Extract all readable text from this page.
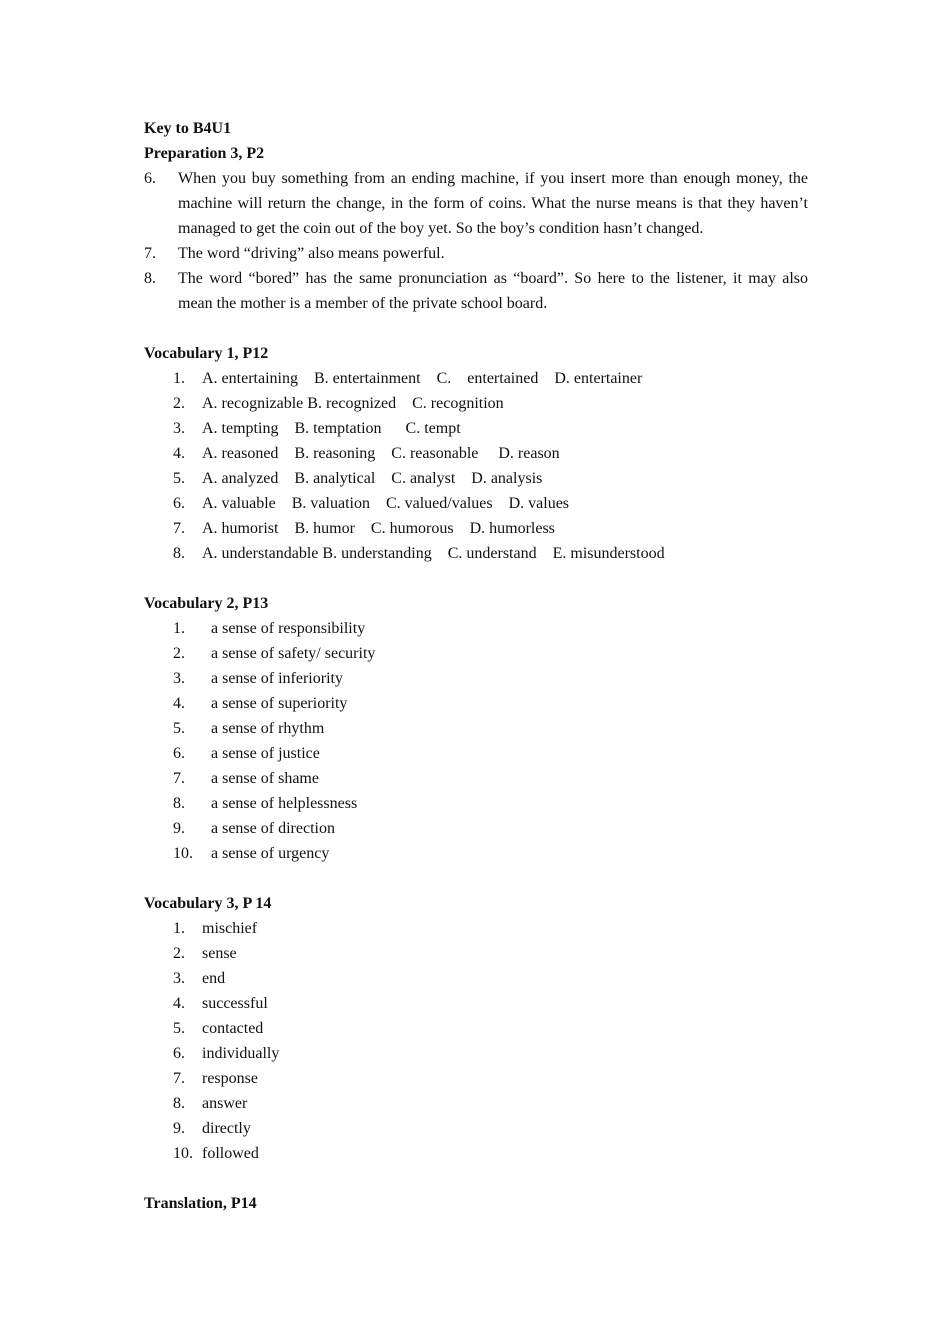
Key to B4U1
Preparation 3, P2
6. When you buy something from an ending machine, if you insert more than enough money, the machine will return the change, in the form of coins. What the nurse means is that they haven’t managed to get the coin out of the boy yet. So the boy’s condition hasn’t changed.
7. The word “driving” also means powerful.
8. The word “bored” has the same pronunciation as “board”. So here to the listener, it may also mean the mother is a member of the private school board.
Vocabulary 1, P12
1. A. entertaining    B. entertainment    C.    entertained    D. entertainer
2. A. recognizable B. recognized    C. recognition
3. A. tempting    B. temptation      C. tempt
4. A. reasoned    B. reasoning    C. reasonable     D. reason
5. A. analyzed    B. analytical    C. analyst    D. analysis
6. A. valuable    B. valuation    C. valued/values    D. values
7. A. humorist    B. humor    C. humorous    D. humorless
8. A. understandable B. understanding    C. understand    E. misunderstood
Vocabulary 2, P13
1. a sense of responsibility
2. a sense of safety/ security
3. a sense of inferiority
4. a sense of superiority
5. a sense of rhythm
6. a sense of justice
7. a sense of shame
8. a sense of helplessness
9. a sense of direction
10. a sense of urgency
Vocabulary 3, P 14
1. mischief
2. sense
3. end
4. successful
5. contacted
6. individually
7. response
8. answer
9. directly
10. followed
Translation, P14
